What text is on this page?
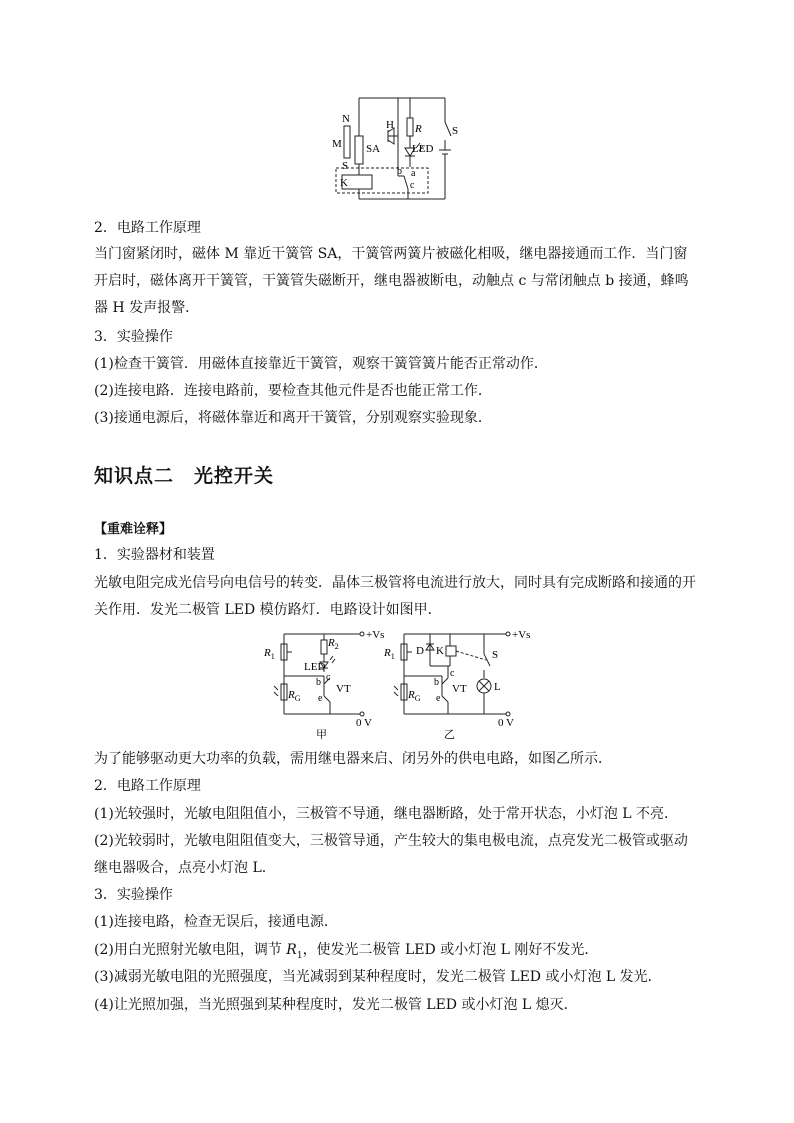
N
M
S
SA
H R
LED
S
K
b a
c
2．电路工作原理
当门窗紧闭时，磁体 M 靠近干簧管 SA，干簧管两簧片被磁化相吸，继电器接通而工作．当门窗开启时，磁体离开干簧管，干簧管失磁断开，继电器被断电，动触点 c 与常闭触点 b 接通，蜂鸣器 H 发声报警．
3．实验操作
(1)检查干簧管．用磁体直接靠近干簧管，观察干簧管簧片能否正常动作．
(2)连接电路．连接电路前，要检查其他元件是否也能正常工作．
(3)接通电源后，将磁体靠近和离开干簧管，分别观察实验现象．
知识点二　光控开关
【重难诠释】
1．实验器材和装置
光敏电阻完成光信号向电信号的转变．晶体三极管将电流进行放大，同时具有完成断路和接通的开关作用．发光二极管 LED 模仿路灯．电路设计如图甲．
+Vs
0 V
$R_1$
$R_2$
$R_G$
LED
b c
e
VT
甲
+Vs
0 V
$R_1$
$R_G$
D K	S
b
c
e
VT L
乙
为了能够驱动更大功率的负载，需用继电器来启、闭另外的供电电路，如图乙所示．
2．电路工作原理
(1)光较强时，光敏电阻阻值小，三极管不导通，继电器断路，处于常开状态，小灯泡 L 不亮．
(2)光较弱时，光敏电阻阻值变大，三极管导通，产生较大的集电极电流，点亮发光二极管或驱动继电器吸合，点亮小灯泡 L.
3．实验操作
(1)连接电路，检查无误后，接通电源．
(2)用白光照射光敏电阻，调节 $R_1$，使发光二极管 LED 或小灯泡 L 刚好不发光．
(3)减弱光敏电阻的光照强度，当光减弱到某种程度时，发光二极管 LED 或小灯泡 L 发光．
(4)让光照加强，当光照强到某种程度时，发光二极管 LED 或小灯泡 L 熄灭．
